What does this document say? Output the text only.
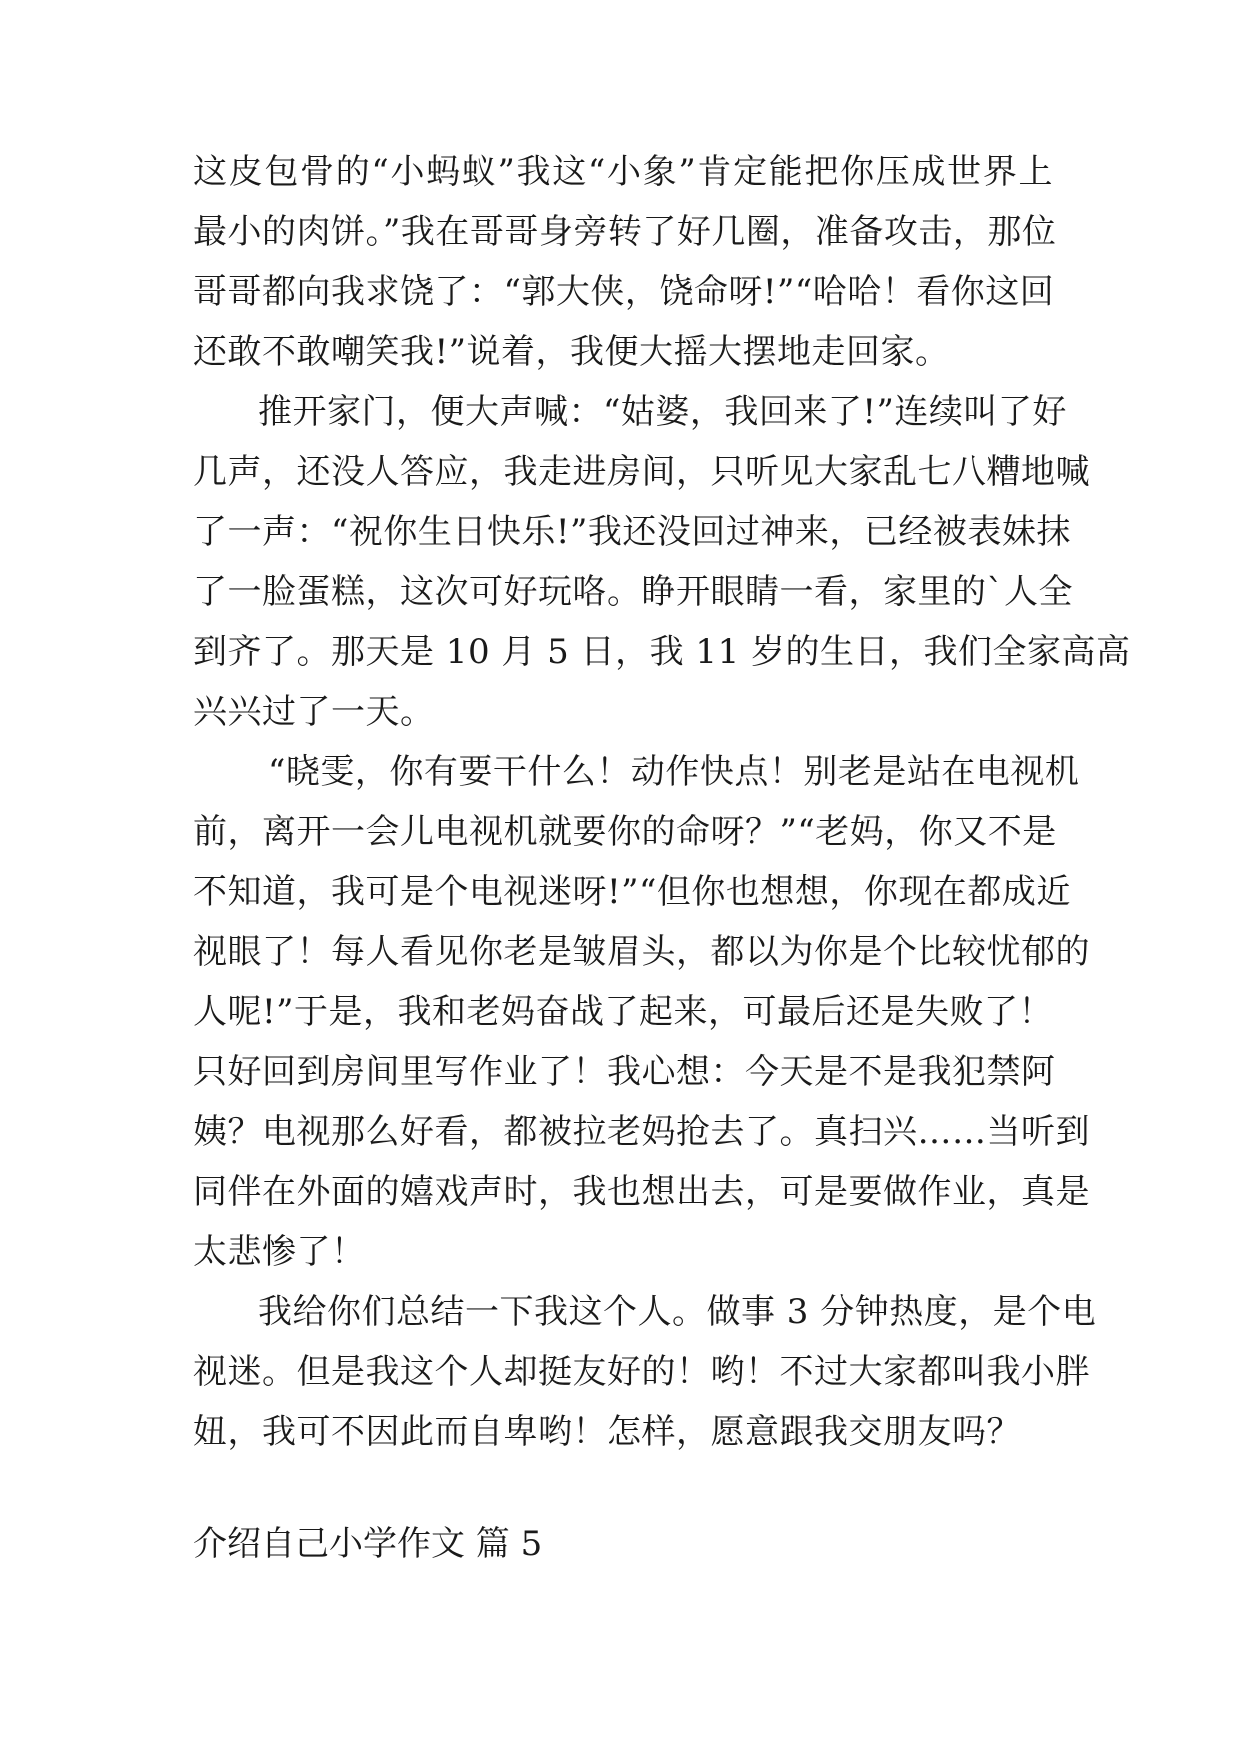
这皮包骨的“小蚂蚁”我这“小象”肯定能把你压成世界上
最小的肉饼。”我在哥哥身旁转了好几圈，准备攻击，那位
哥哥都向我求饶了：“郭大侠，饶命呀!”“哈哈！看你这回
还敢不敢嘲笑我!”说着，我便大摇大摆地走回家。
推开家门，便大声喊：“姑婆，我回来了!”连续叫了好
几声，还没人答应，我走进房间，只听见大家乱七八糟地喊
了一声：“祝你生日快乐!”我还没回过神来，已经被表妹抹
了一脸蛋糕，这次可好玩咯。睁开眼睛一看，家里的`人全
到齐了。那天是 10 月 5 日，我 11 岁的生日，我们全家高高
兴兴过了一天。
“晓雯，你有要干什么！动作快点！别老是站在电视机
前，离开一会儿电视机就要你的命呀？”“老妈，你又不是
不知道，我可是个电视迷呀!”“但你也想想，你现在都成近
视眼了！每人看见你老是皱眉头，都以为你是个比较忧郁的
人呢!”于是，我和老妈奋战了起来，可最后还是失败了！
只好回到房间里写作业了！我心想：今天是不是我犯禁阿
姨？电视那么好看，都被拉老妈抢去了。真扫兴……当听到
同伴在外面的嬉戏声时，我也想出去，可是要做作业，真是
太悲惨了！
我给你们总结一下我这个人。做事 3 分钟热度，是个电
视迷。但是我这个人却挺友好的！哟！不过大家都叫我小胖
妞，我可不因此而自卑哟！怎样，愿意跟我交朋友吗？
介绍自己小学作文 篇 5
